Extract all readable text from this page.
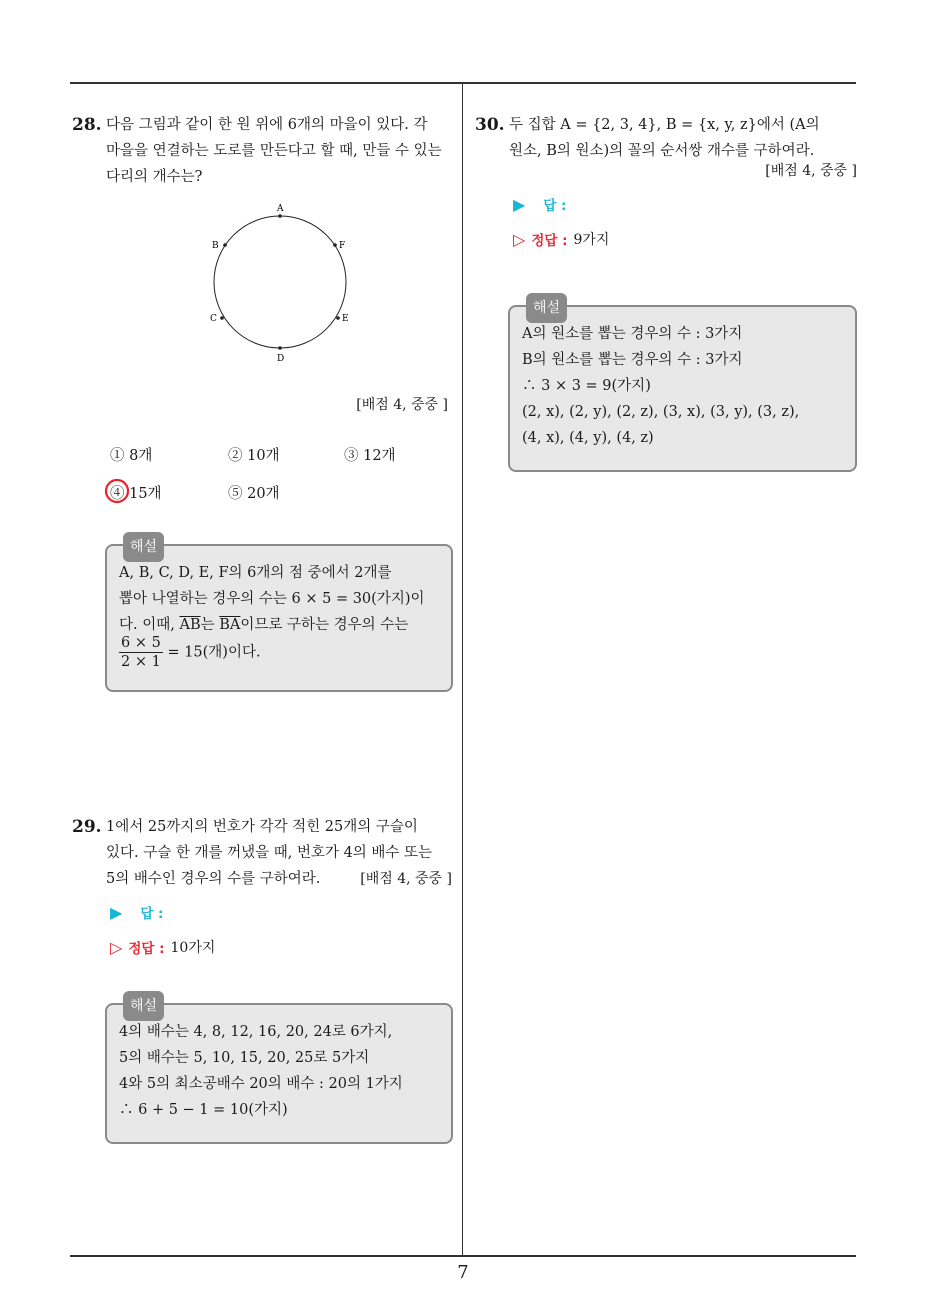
28. 다음 그림과 같이 한 원 위에 6개의 마을이 있다. 각 마을을 연결하는 도로를 만든다고 할 때, 만들 수 있는 다리의 개수는?
A
B	F
C	E
D
[배점 4, 중중 ]
① 8개	② 10개	③ 12개
④ 15개	⑤ 20개
해설
A, B, C, D, E, F의 6개의 점 중에서 2개를
뽑아 나열하는 경우의 수는 6 × 5 = 30(가지)이
다. 이때, $\overline{AB}$는 $\overline{BA}$이므로 구하는 경우의 수는
$\frac{6 \times 5}{2 \times 1} = 15$(개)이다.
29. 1에서 25까지의 번호가 각각 적힌 25개의 구슬이
있다. 구슬 한 개를 꺼냈을 때, 번호가 4의 배수 또는
5의 배수인 경우의 수를 구하여라.	[배점 4, 중중 ]
▶ 답 :
▷ 정답 : 10가지
해설
4의 배수는 4, 8, 12, 16, 20, 24로 6가지,
5의 배수는 5, 10, 15, 20, 25로 5가지
4와 5의 최소공배수 20의 배수 : 20의 1가지
∴ 6 + 5 − 1 = 10(가지)
30. 두 집합 A = {2, 3, 4}, B = {x, y, z}에서 (A의
원소, B의 원소)의 꼴의 순서쌍 개수를 구하여라.
[배점 4, 중중 ]
▶ 답 :
▷ 정답 : 9가지
해설
A의 원소를 뽑는 경우의 수 : 3가지
B의 원소를 뽑는 경우의 수 : 3가지
∴ 3 × 3 = 9(가지)
(2, x), (2, y), (2, z), (3, x), (3, y), (3, z),
(4, x), (4, y), (4, z)
7
